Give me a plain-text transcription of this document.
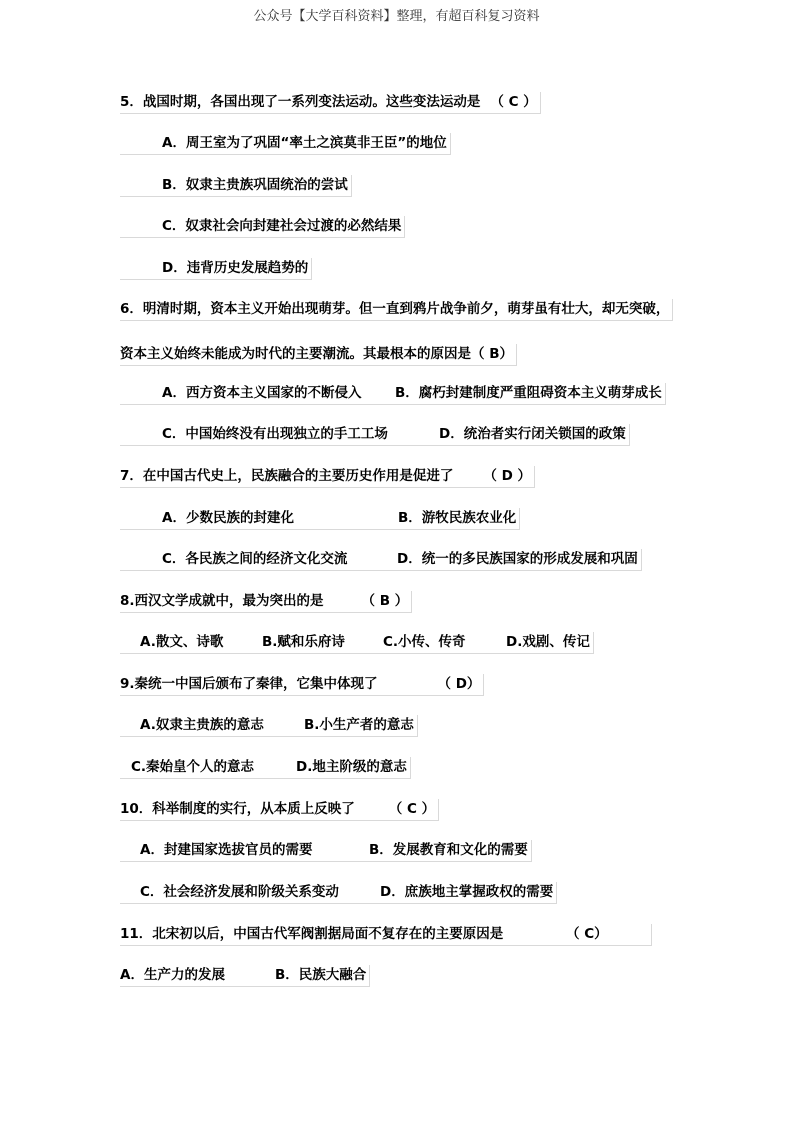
公众号【大学百科资料】整理，有超百科复习资料
5．战国时期，各国出现了一系列变法运动。这些变法运动是 （ C ）
A．周王室为了巩固“率土之滨莫非王臣”的地位
B．奴隶主贵族巩固统治的尝试
C．奴隶社会向封建社会过渡的必然结果
D．违背历史发展趋势的
6．明清时期，资本主义开始出现萌芽。但一直到鸦片战争前夕，萌芽虽有壮大，却无突破，
资本主义始终未能成为时代的主要潮流。其最根本的原因是（ B）
A．西方资本主义国家的不断侵入 B．腐朽封建制度严重阻碍资本主义萌芽成长
C．中国始终没有出现独立的手工工场	D．统治者实行闭关锁国的政策
7．在中国古代史上，民族融合的主要历史作用是促进了 （ D ）
A．少数民族的封建化	B．游牧民族农业化
C．各民族之间的经济文化交流	D．统一的多民族国家的形成发展和巩固
8.西汉文学成就中，最为突出的是	（ B ）
A.散文、诗歌	B.赋和乐府诗	C.小传、传奇	D.戏剧、传记
9.秦统一中国后颁布了秦律，它集中体现了	（ D）
A.奴隶主贵族的意志	B.小生产者的意志
C.秦始皇个人的意志	D.地主阶级的意志
10．科举制度的实行，从本质上反映了	（ C ）
A．封建国家选拔官员的需要	B．发展教育和文化的需要
C．社会经济发展和阶级关系变动	D．庶族地主掌握政权的需要
11．北宋初以后，中国古代军阀割据局面不复存在的主要原因是	（ C）
A．生产力的发展	B．民族大融合
